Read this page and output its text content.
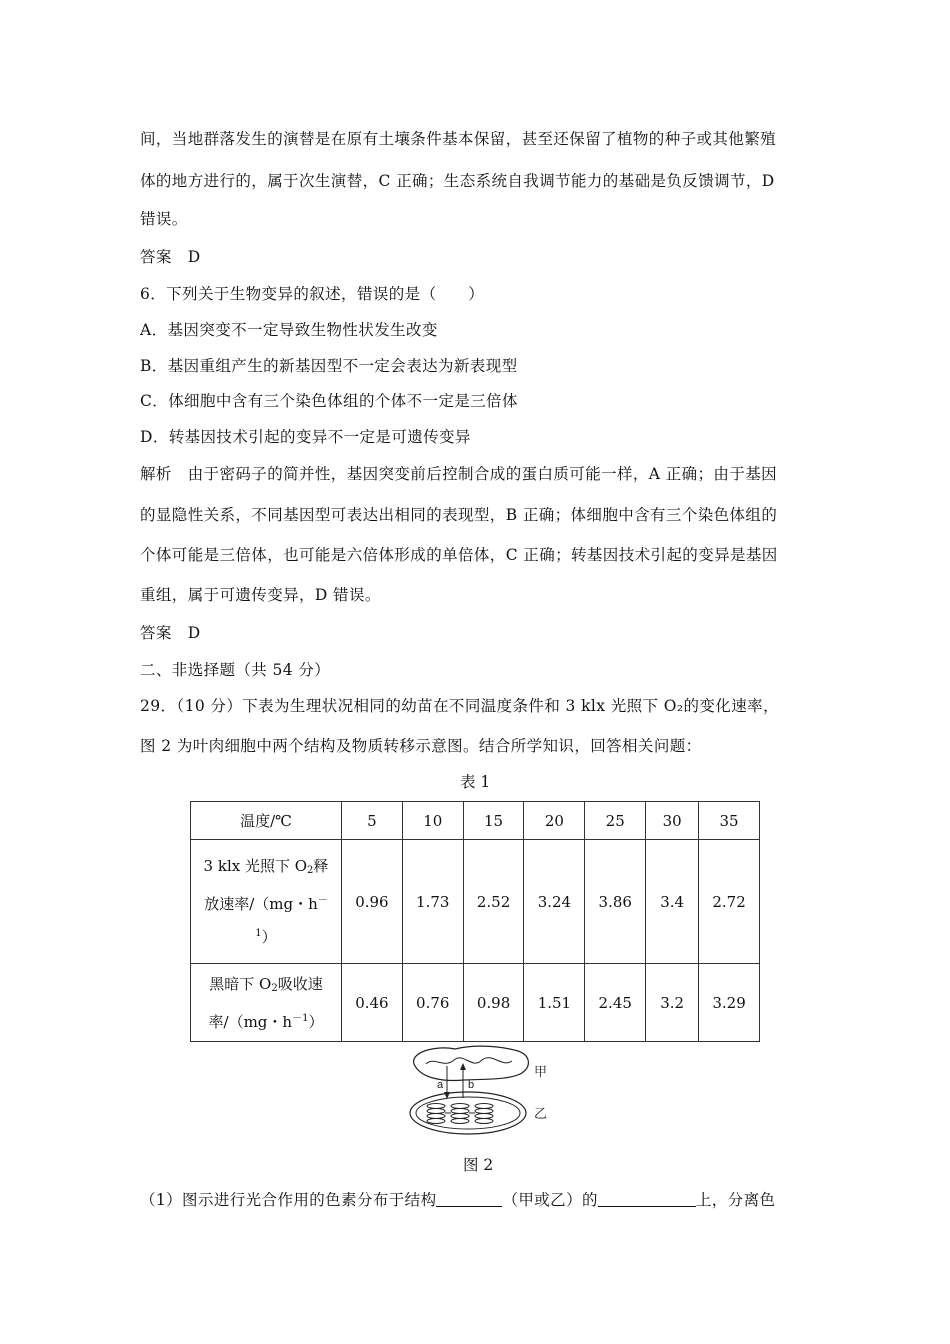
间，当地群落发生的演替是在原有土壤条件基本保留，甚至还保留了植物的种子或其他繁殖
体的地方进行的，属于次生演替，C 正确；生态系统自我调节能力的基础是负反馈调节，D
错误。
答案　D
6．下列关于生物变异的叙述，错误的是（　　）
A．基因突变不一定导致生物性状发生改变
B．基因重组产生的新基因型不一定会表达为新表现型
C．体细胞中含有三个染色体组的个体不一定是三倍体
D．转基因技术引起的变异不一定是可遗传变异
解析　由于密码子的简并性，基因突变前后控制合成的蛋白质可能一样，A 正确；由于基因
的显隐性关系，不同基因型可表达出相同的表现型，B 正确；体细胞中含有三个染色体组的
个体可能是三倍体，也可能是六倍体形成的单倍体，C 正确；转基因技术引起的变异是基因
重组，属于可遗传变异，D 错误。
答案　D
二、非选择题（共 54 分）
29．（10 分）下表为生理状况相同的幼苗在不同温度条件和 3 klx 光照下 O₂的变化速率，
图 2 为叶肉细胞中两个结构及物质转移示意图。结合所学知识，回答相关问题：
表 1
温度/℃	5	10	15	20	25	30	35
3 klx 光照下 $O_2$释
放速率/（mg・h－
$^1$）	0.96	1.73	2.52	3.24	3.86	3.4	2.72
黑暗下 $O_2$吸收速
率/（mg・$h^{-1}$）	0.46	0.76	0.98	1.51	2.45	3.2	3.29
a b
甲
乙
图 2
（1）图示进行光合作用的色素分布于结构	（甲或乙）的	上，分离色
